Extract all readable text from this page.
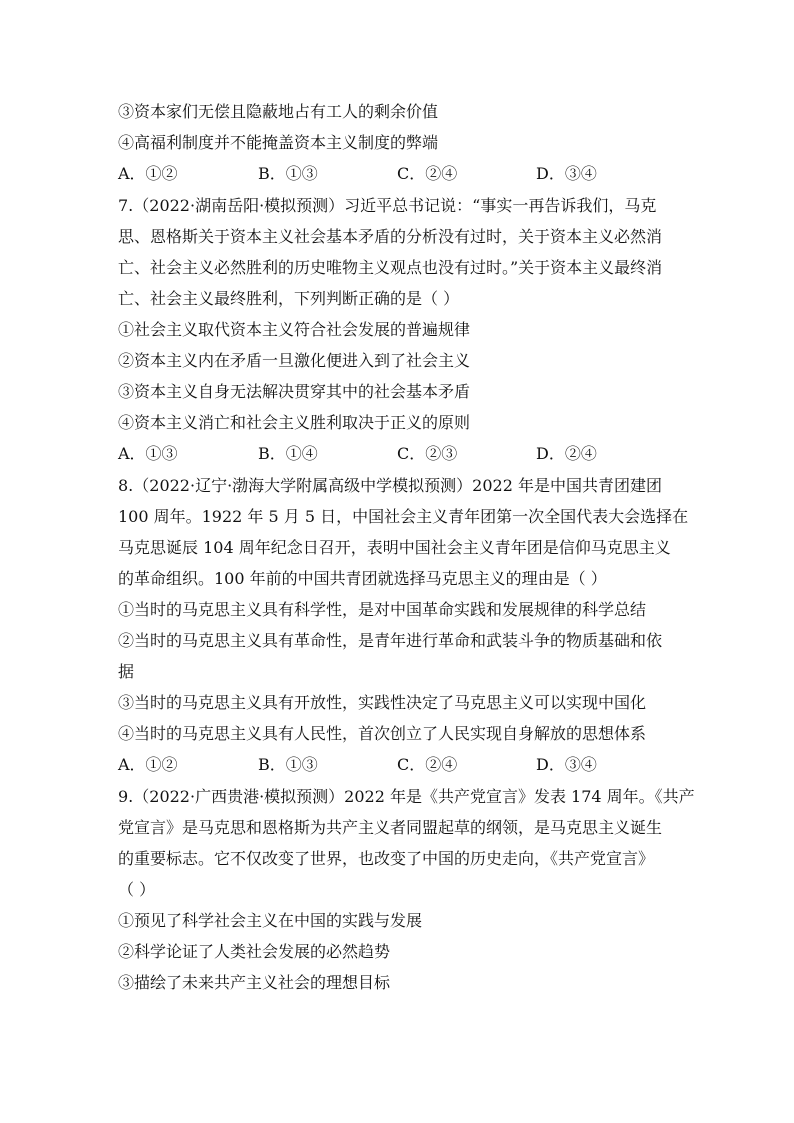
③资本家们无偿且隐蔽地占有工人的剩余价值
④高福利制度并不能掩盖资本主义制度的弊端
A．①②	B．①③	C．②④	D．③④
7.（2022·湖南岳阳·模拟预测）习近平总书记说：“事实一再告诉我们，马克
思、恩格斯关于资本主义社会基本矛盾的分析没有过时，关于资本主义必然消
亡、社会主义必然胜利的历史唯物主义观点也没有过时。”关于资本主义最终消
亡、社会主义最终胜利，下列判断正确的是（ ）
①社会主义取代资本主义符合社会发展的普遍规律
②资本主义内在矛盾一旦激化便进入到了社会主义
③资本主义自身无法解决贯穿其中的社会基本矛盾
④资本主义消亡和社会主义胜利取决于正义的原则
A．①③	B．①④	C．②③	D．②④
8.（2022·辽宁·渤海大学附属高级中学模拟预测）2022 年是中国共青团建团
100 周年。1922 年 5 月 5 日，中国社会主义青年团第一次全国代表大会选择在
马克思诞辰 104 周年纪念日召开，表明中国社会主义青年团是信仰马克思主义
的革命组织。100 年前的中国共青团就选择马克思主义的理由是（ ）
①当时的马克思主义具有科学性，是对中国革命实践和发展规律的科学总结
②当时的马克思主义具有革命性，是青年进行革命和武装斗争的物质基础和依
据
③当时的马克思主义具有开放性，实践性决定了马克思主义可以实现中国化
④当时的马克思主义具有人民性，首次创立了人民实现自身解放的思想体系
A．①②	B．①③	C．②④	D．③④
9.（2022·广西贵港·模拟预测）2022 年是《共产党宣言》发表 174 周年。《共产
党宣言》是马克思和恩格斯为共产主义者同盟起草的纲领，是马克思主义诞生
的重要标志。它不仅改变了世界，也改变了中国的历史走向，《共产党宣言》
（ ）
①预见了科学社会主义在中国的实践与发展
②科学论证了人类社会发展的必然趋势
③描绘了未来共产主义社会的理想目标
